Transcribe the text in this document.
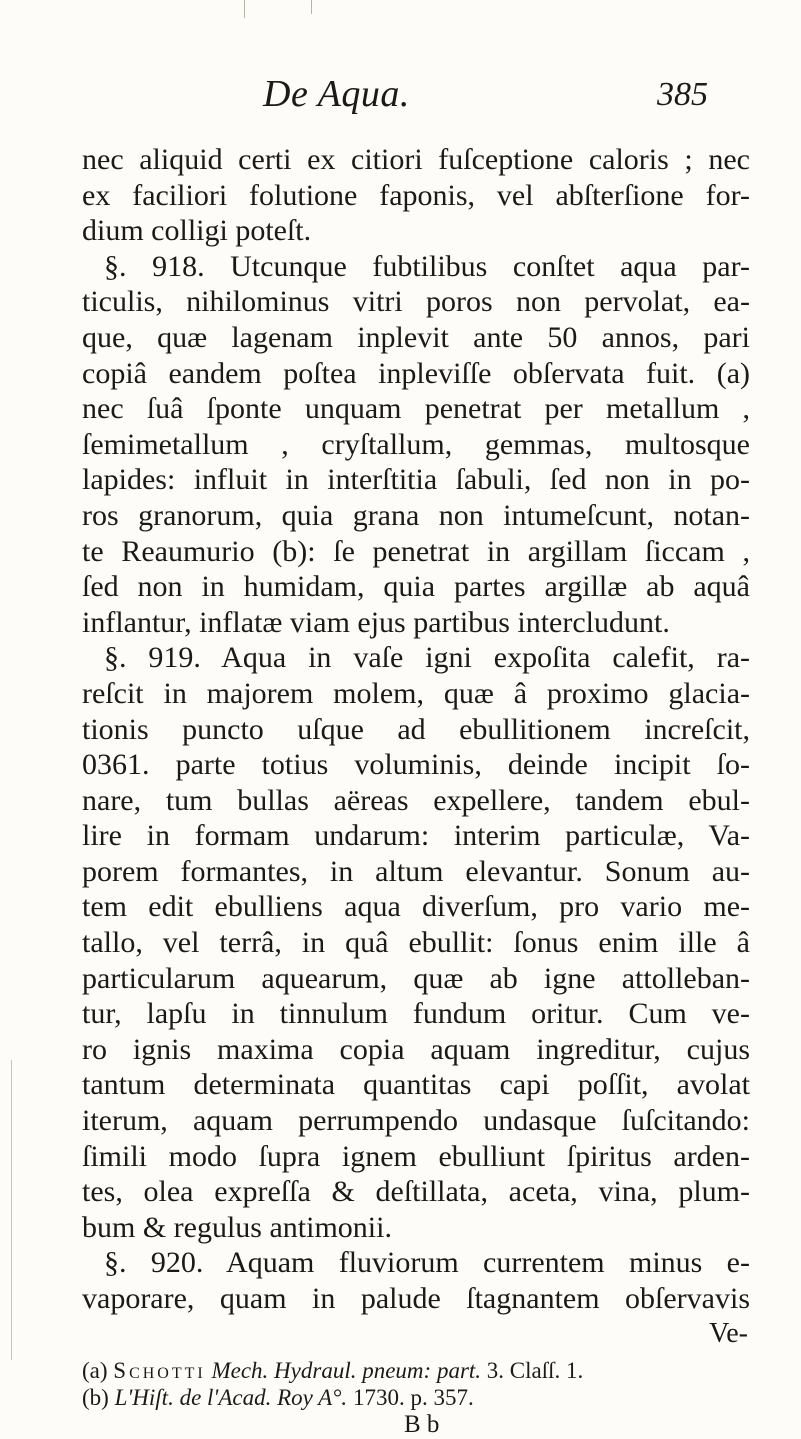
De Aqua.	385
nec aliquid certi ex citiori fuſceptione caloris ; nec
ex faciliori folutione faponis, vel abſterſione for-
dium colligi poteſt.
§. 918. Utcunque fubtilibus conſtet aqua par-
ticulis, nihilominus vitri poros non pervolat, ea-
que, quæ lagenam inplevit ante 50 annos, pari
copiâ eandem poſtea inpleviſſe obſervata fuit. (a)
nec ſuâ ſponte unquam penetrat per metallum ,
ſemimetallum , cryſtallum, gemmas, multosque
lapides: influit in interſtitia ſabuli, ſed non in po-
ros granorum, quia grana non intumeſcunt, notan-
te Reaumurio (b): ſe penetrat in argillam ſiccam ,
ſed non in humidam, quia partes argillæ ab aquâ
inflantur, inflatæ viam ejus partibus intercludunt.
§. 919. Aqua in vaſe igni expoſita calefit, ra-
reſcit in majorem molem, quæ â proximo glacia-
tionis puncto uſque ad ebullitionem increſcit,
0361. parte totius voluminis, deinde incipit ſo-
nare, tum bullas aëreas expellere, tandem ebul-
lire in formam undarum: interim particulæ, Va-
porem formantes, in altum elevantur. Sonum au-
tem edit ebulliens aqua diverſum, pro vario me-
tallo, vel terrâ, in quâ ebullit: ſonus enim ille â
particularum aquearum, quæ ab igne attolleban-
tur, lapſu in tinnulum fundum oritur. Cum ve-
ro ignis maxima copia aquam ingreditur, cujus
tantum determinata quantitas capi poſſit, avolat
iterum, aquam perrumpendo undasque ſuſcitando:
ſimili modo ſupra ignem ebulliunt ſpiritus arden-
tes, olea expreſſa & deſtillata, aceta, vina, plum-
bum & regulus antimonii.
§. 920. Aquam fluviorum currentem minus e-
vaporare, quam in palude ſtagnantem obſervavis
Ve-
(a) Schotti Mech. Hydraul. pneum: part. 3. Claſſ. 1.
(b) L'Hiſt. de l'Acad. Roy A°. 1730. p. 357.
B b
